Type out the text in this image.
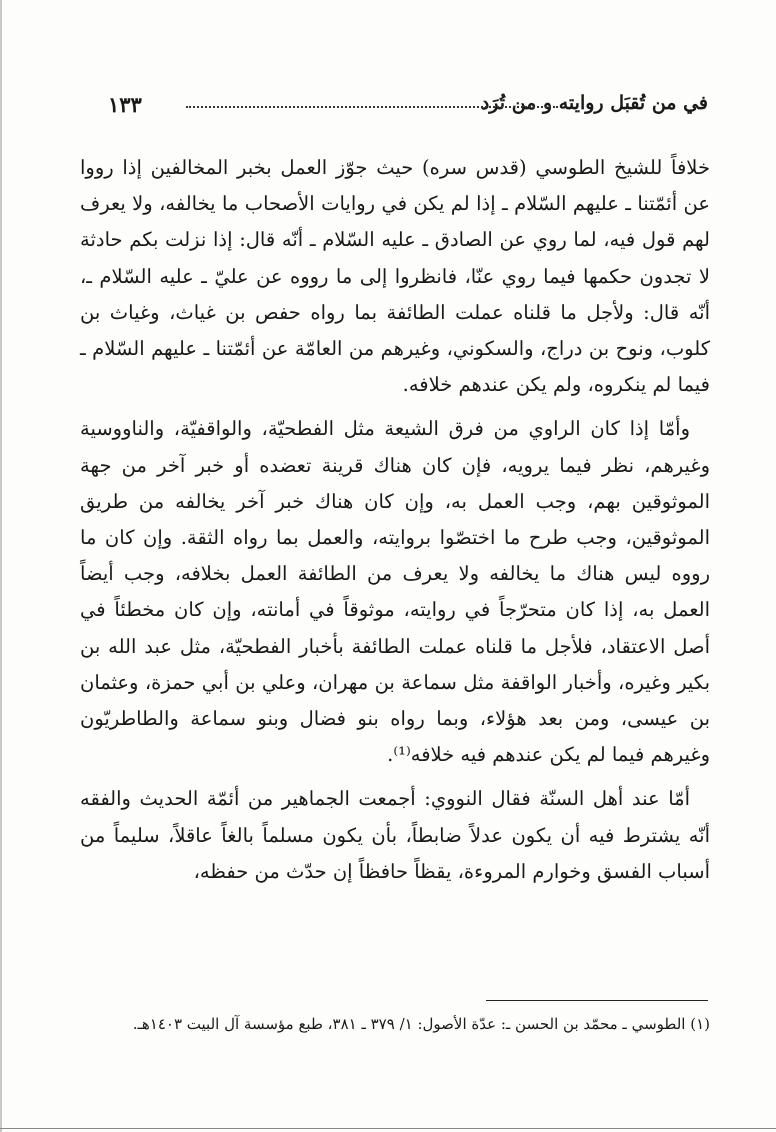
في من تُقبَل روايته و من تُرَد
١٣٣

خلافاً للشيخ الطوسي (قدس سره) حيث جوّز العمل بخبر المخالفين إذا رووا عن أئمّتنا ـ عليهم السّلام ـ إذا لم يكن في روايات الأصحاب ما يخالفه، ولا يعرف لهم قول فيه، لما روي عن الصادق ـ عليه السّلام ـ أنّه قال: إذا نزلت بكم حادثة لا تجدون حكمها فيما روي عنّا، فانظروا إلى ما رووه عن عليّ ـ عليه السّلام ـ، أنّه قال: ولأجل ما قلناه عملت الطائفة بما رواه حفص بن غياث، وغياث بن كلوب، ونوح بن دراج، والسكوني، وغيرهم من العامّة عن أئمّتنا ـ عليهم السّلام ـ فيما لم ينكروه، ولم يكن عندهم خلافه.

وأمّا إذا كان الراوي من فرق الشيعة مثل الفطحيّة، والواقفيّة، والناووسية وغيرهم، نظر فيما يرويه، فإن كان هناك قرينة تعضده أو خبر آخر من جهة الموثوقين بهم، وجب العمل به، وإن كان هناك خبر آخر يخالفه من طريق الموثوقين، وجب طرح ما اختصّوا بروايته، والعمل بما رواه الثقة. وإن كان ما رووه ليس هناك ما يخالفه ولا يعرف من الطائفة العمل بخلافه، وجب أيضاً العمل به، إذا كان متحرّجاً في روايته، موثوقاً في أمانته، وإن كان مخطئاً في أصل الاعتقاد، فلأجل ما قلناه عملت الطائفة بأخبار الفطحيّة، مثل عبد الله بن بكير وغيره، وأخبار الواقفة مثل سماعة بن مهران، وعلي بن أبي حمزة، وعثمان بن عيسى، ومن بعد هؤلاء، وبما رواه بنو فضال وبنو سماعة والطاطريّون وغيرهم فيما لم يكن عندهم فيه خلافه⁽¹⁾.

أمّا عند أهل السنّة فقال النووي: أجمعت الجماهير من أئمّة الحديث والفقه أنّه يشترط فيه أن يكون عدلاً ضابطاً، بأن يكون مسلماً بالغاً عاقلاً، سليماً من أسباب الفسق وخوارم المروءة، يقظاً حافظاً إن حدّث من حفظه،

(١) الطوسي ـ محمّد بن الحسن ـ: عدّة الأصول: ١/ ٣٧٩ ـ ٣٨١، طبع مؤسسة آل البيت ١٤٠٣هـ.
